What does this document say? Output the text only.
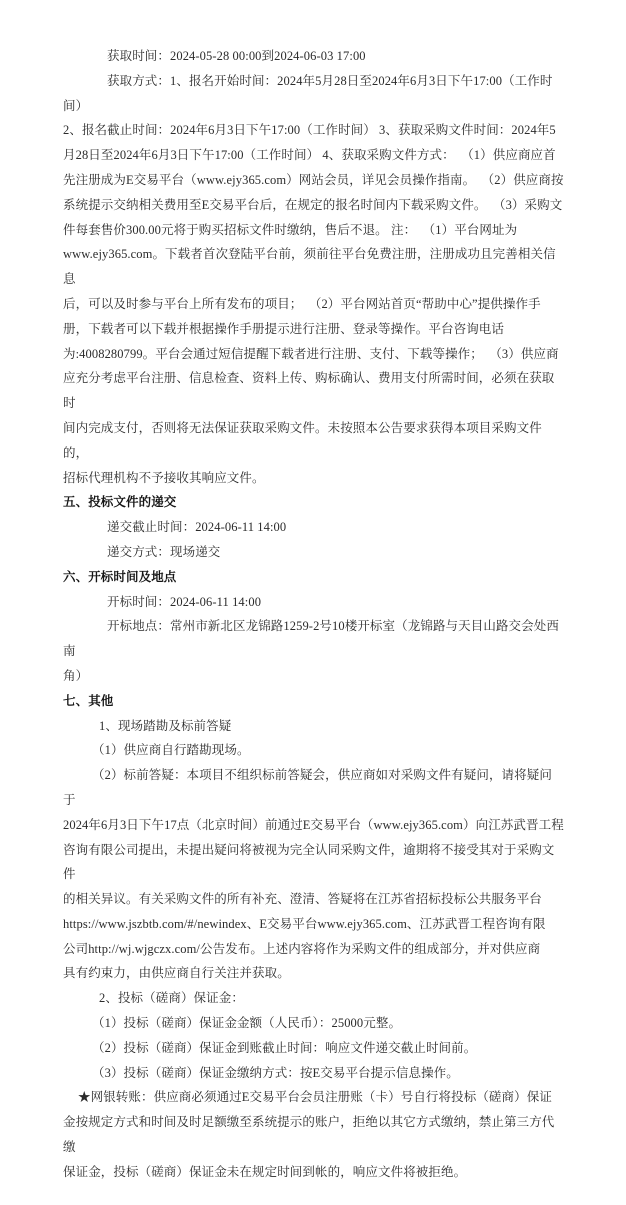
获取时间：2024-05-28 00:00到2024-06-03 17:00

获取方式：1、报名开始时间：2024年5月28日至2024年6月3日下午17:00（工作时间）

2、报名截止时间：2024年6月3日下午17:00（工作时间） 3、获取采购文件时间：2024年5

月28日至2024年6月3日下午17:00（工作时间） 4、获取采购文件方式：  （1）供应商应首

先注册成为E交易平台（www.ejy365.com）网站会员，详见会员操作指南。  （2）供应商按

系统提示交纳相关费用至E交易平台后，在规定的报名时间内下载采购文件。  （3）采购文

件每套售价300.00元将于购买招标文件时缴纳，售后不退。 注：  （1）平台网址为

www.ejy365.com。下载者首次登陆平台前，须前往平台免费注册，注册成功且完善相关信息

后，可以及时参与平台上所有发布的项目；  （2）平台网站首页“帮助中心”提供操作手

册，下载者可以下载并根据操作手册提示进行注册、登录等操作。平台咨询电话

为:4008280799。平台会通过短信提醒下载者进行注册、支付、下载等操作；  （3）供应商

应充分考虑平台注册、信息检查、资料上传、购标确认、费用支付所需时间，必须在获取时

间内完成支付，否则将无法保证获取采购文件。未按照本公告要求获得本项目采购文件的，

招标代理机构不予接收其响应文件。

五、投标文件的递交

递交截止时间：2024-06-11 14:00

递交方式：现场递交

六、开标时间及地点

开标时间：2024-06-11 14:00

开标地点：常州市新北区龙锦路1259-2号10楼开标室（龙锦路与天目山路交会处西南

角）

七、其他

1、现场踏勘及标前答疑

（1）供应商自行踏勘现场。

（2）标前答疑：本项目不组织标前答疑会，供应商如对采购文件有疑问，请将疑问于

2024年6月3日下午17点（北京时间）前通过E交易平台（www.ejy365.com）向江苏武晋工程

咨询有限公司提出，未提出疑问将被视为完全认同采购文件，逾期将不接受其对于采购文件

的相关异议。有关采购文件的所有补充、澄清、答疑将在江苏省招标投标公共服务平台

https://www.jszbtb.com/#/newindex、E交易平台www.ejy365.com、江苏武晋工程咨询有限

公司http://wj.wjgczx.com/公告发布。上述内容将作为采购文件的组成部分，并对供应商

具有约束力，由供应商自行关注并获取。

2、投标（磋商）保证金：

（1）投标（磋商）保证金金额（人民币）：25000元整。

（2）投标（磋商）保证金到账截止时间：响应文件递交截止时间前。

（3）投标（磋商）保证金缴纳方式：按E交易平台提示信息操作。

★网银转账：供应商必须通过E交易平台会员注册账（卡）号自行将投标（磋商）保证

金按规定方式和时间及时足额缴至系统提示的账户，拒绝以其它方式缴纳，禁止第三方代缴

保证金，投标（磋商）保证金未在规定时间到帐的，响应文件将被拒绝。
